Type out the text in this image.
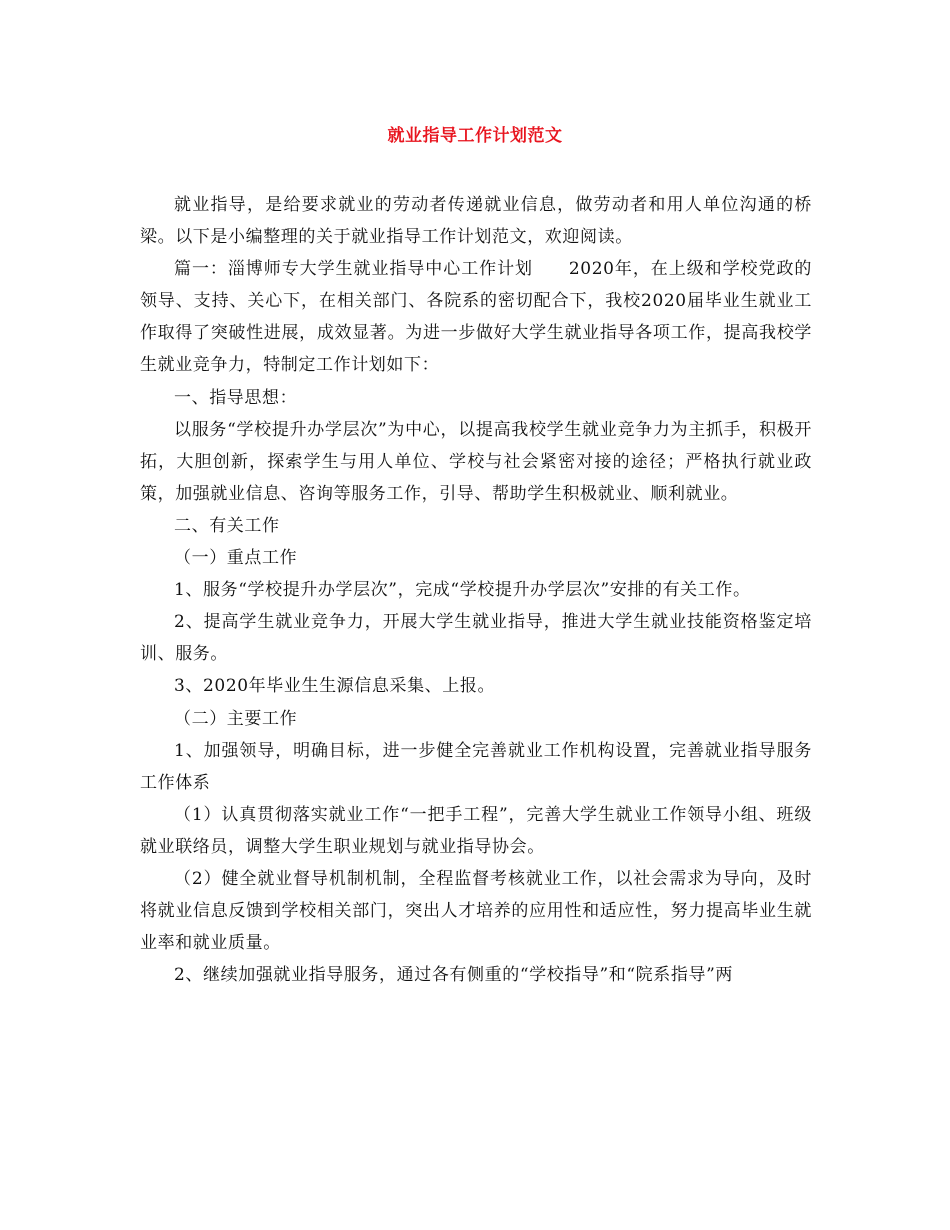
就业指导工作计划范文

就业指导，是给要求就业的劳动者传递就业信息，做劳动者和用人单位沟通的桥梁。以下是小编整理的关于就业指导工作计划范文，欢迎阅读。

篇一：淄博师专大学生就业指导中心工作计划　　2020年，在上级和学校党政的领导、支持、关心下，在相关部门、各院系的密切配合下，我校2020届毕业生就业工作取得了突破性进展，成效显著。为进一步做好大学生就业指导各项工作，提高我校学生就业竞争力，特制定工作计划如下：

一、指导思想：

以服务“学校提升办学层次”为中心，以提高我校学生就业竞争力为主抓手，积极开拓，大胆创新，探索学生与用人单位、学校与社会紧密对接的途径；严格执行就业政策，加强就业信息、咨询等服务工作，引导、帮助学生积极就业、顺利就业。

二、有关工作

（一）重点工作

1、服务“学校提升办学层次”，完成“学校提升办学层次”安排的有关工作。

2、提高学生就业竞争力，开展大学生就业指导，推进大学生就业技能资格鉴定培训、服务。

3、2020年毕业生生源信息采集、上报。

（二）主要工作

1、加强领导，明确目标，进一步健全完善就业工作机构设置，完善就业指导服务工作体系

（1）认真贯彻落实就业工作“一把手工程”，完善大学生就业工作领导小组、班级就业联络员，调整大学生职业规划与就业指导协会。

（2）健全就业督导机制机制，全程监督考核就业工作，以社会需求为导向，及时将就业信息反馈到学校相关部门，突出人才培养的应用性和适应性，努力提高毕业生就业率和就业质量。

2、继续加强就业指导服务，通过各有侧重的“学校指导”和“院系指导”两
